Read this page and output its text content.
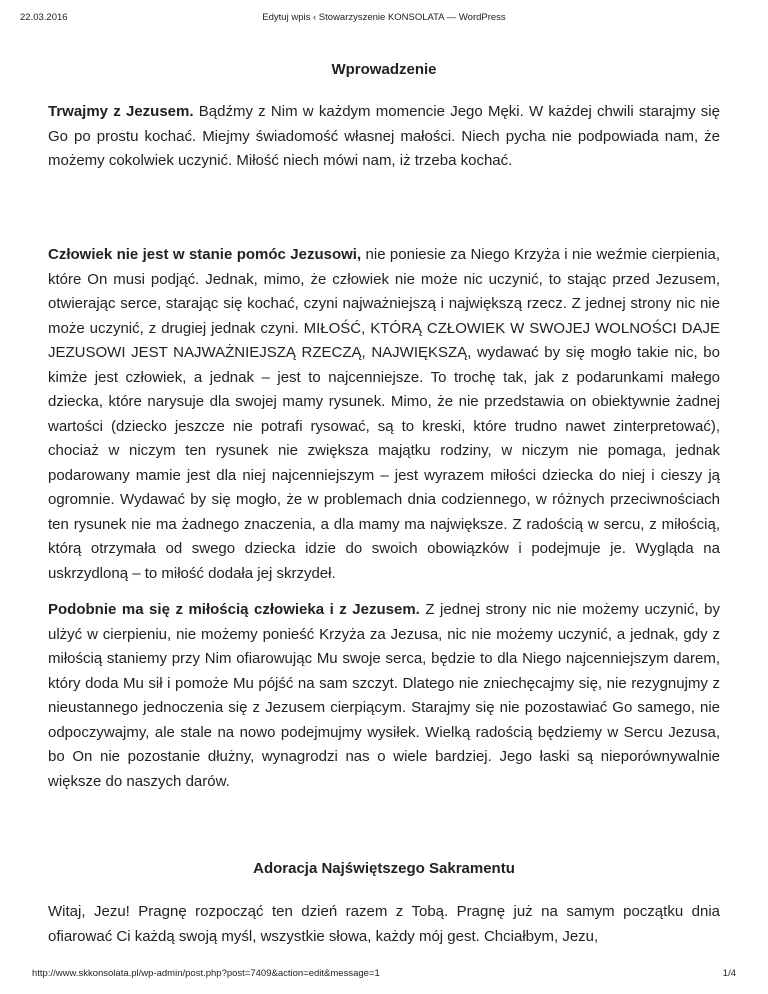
22.03.2016	Edytuj wpis ‹ Stowarzyszenie KONSOLATA — WordPress
Wprowadzenie

Trwajmy z Jezusem. Bądźmy z Nim w każdym momencie Jego Męki. W każdej chwili starajmy się Go po prostu kochać. Miejmy świadomość własnej małości. Niech pycha nie podpowiada nam, że możemy cokolwiek uczynić. Miłość niech mówi nam, iż trzeba kochać.

Człowiek nie jest w stanie pomóc Jezusowi, nie poniesie za Niego Krzyża i nie weźmie cierpienia, które On musi podjąć. Jednak, mimo, że człowiek nie może nic uczynić, to stając przed Jezusem, otwierając serce, starając się kochać, czyni najważniejszą i największą rzecz. Z jednej strony nic nie może uczynić, z drugiej jednak czyni. MIŁOŚĆ, KTÓRĄ CZŁOWIEK W SWOJEJ WOLNOŚCI DAJE JEZUSOWI JEST NAJWAŻNIEJSZĄ RZECZĄ, NAJWIĘKSZĄ, wydawać by się mogło takie nic, bo kimże jest człowiek, a jednak – jest to najcenniejsze. To trochę tak, jak z podarunkami małego dziecka, które narysuje dla swojej mamy rysunek. Mimo, że nie przedstawia on obiektywnie żadnej wartości (dziecko jeszcze nie potrafi rysować, są to kreski, które trudno nawet zinterpretować), chociaż w niczym ten rysunek nie zwiększa majątku rodziny, w niczym nie pomaga, jednak podarowany mamie jest dla niej najcenniejszym – jest wyrazem miłości dziecka do niej i cieszy ją ogromnie. Wydawać by się mogło, że w problemach dnia codziennego, w różnych przeciwnościach ten rysunek nie ma żadnego znaczenia, a dla mamy ma największe. Z radością w sercu, z miłością, którą otrzymała od swego dziecka idzie do swoich obowiązków i podejmuje je. Wygląda na uskrzydloną – to miłość dodała jej skrzydeł.

Podobnie ma się z miłością człowieka i z Jezusem. Z jednej strony nic nie możemy uczynić, by ulżyć w cierpieniu, nie możemy ponieść Krzyża za Jezusa, nic nie możemy uczynić, a jednak, gdy z miłością staniemy przy Nim ofiarowując Mu swoje serca, będzie to dla Niego najcenniejszym darem, który doda Mu sił i pomoże Mu pójść na sam szczyt. Dlatego nie zniechęcajmy się, nie rezygnujmy z nieustannego jednoczenia się z Jezusem cierpiącym. Starajmy się nie pozostawiać Go samego, nie odpoczywajmy, ale stale na nowo podejmujmy wysiłek. Wielką radością będziemy w Sercu Jezusa, bo On nie pozostanie dłużny, wynagrodzi nas o wiele bardziej. Jego łaski są nieporównywalnie większe do naszych darów.

Adoracja Najświętszego Sakramentu

Witaj, Jezu! Pragnę rozpocząć ten dzień razem z Tobą. Pragnę już na samym początku dnia ofiarować Ci każdą swoją myśl, wszystkie słowa, każdy mój gest. Chciałbym, Jezu,

http://www.skkonsolata.pl/wp-admin/post.php?post=7409&action=edit&message=1	1/4
